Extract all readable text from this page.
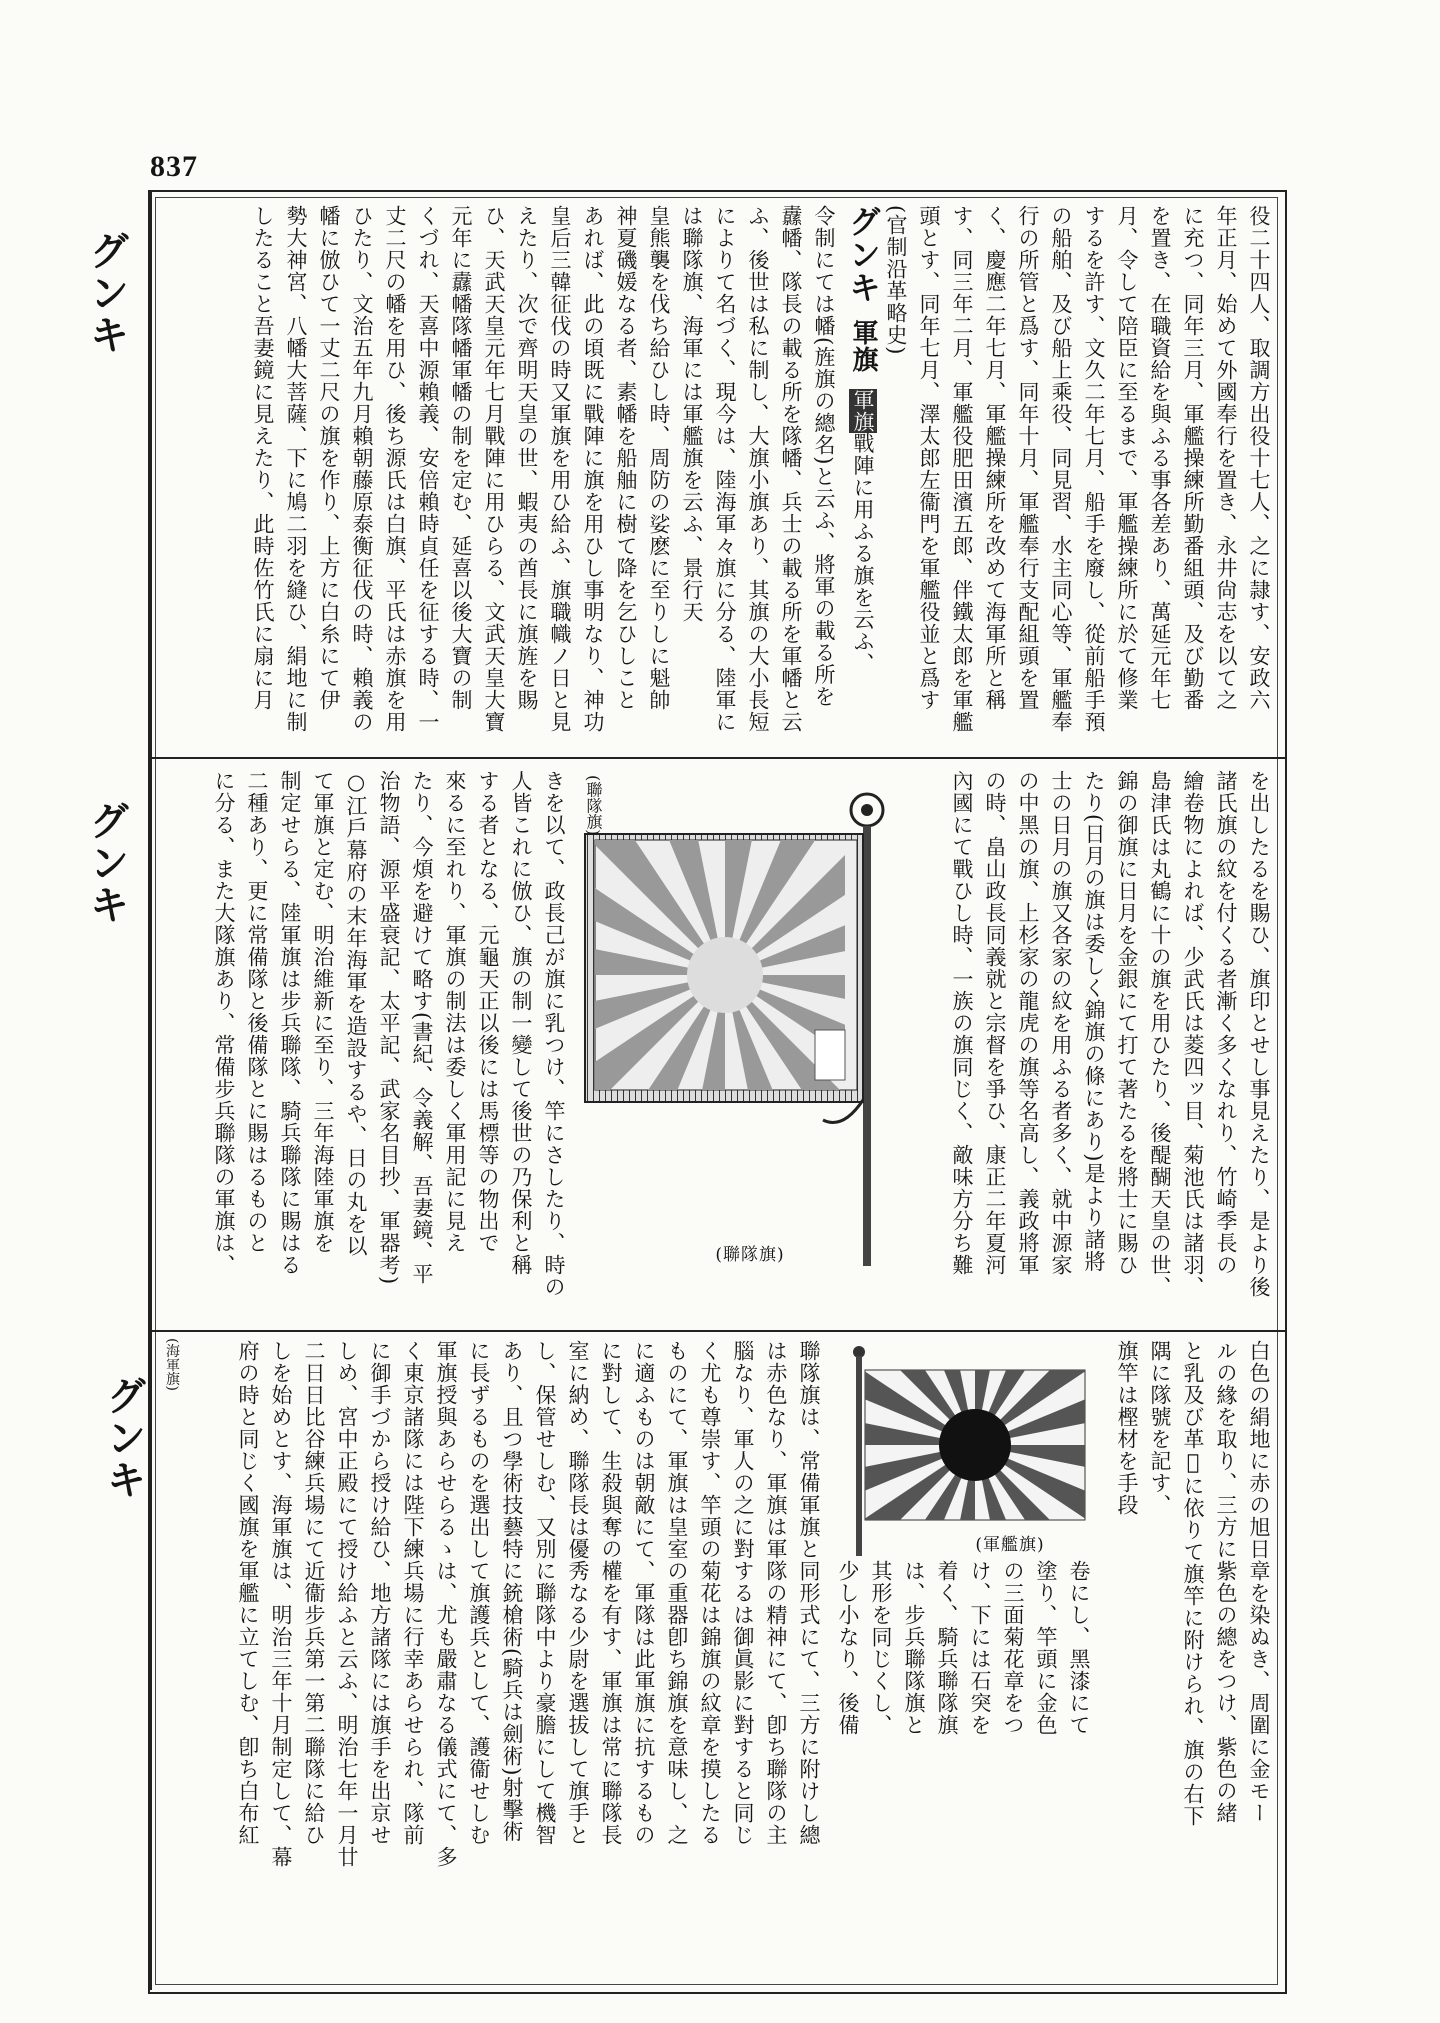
837
グンキ
グンキ
グンキ

役二十四人、取調方出役十七人、之に隷す、安政六

年正月、始めて外國奉行を置き、永井尙志を以て之

に充つ、同年三月、軍艦操練所勤番組頭、及び勤番

を置き、在職資給を與ふる事各差あり、萬延元年七

月、令して陪臣に至るまで、軍艦操練所に於て修業

するを許す、文久二年七月、船手を廢し、從前船手預

の船舶、及び船上乘役、同見習、水主同心等、軍艦奉

行の所管と爲す、同年十月、軍艦奉行支配組頭を置

く、慶應二年七月、軍艦操練所を改めて海軍所と稱

す、同三年二月、軍艦役肥田濱五郎、伴鐵太郎を軍艦

頭とす、同年七月、澤太郎左衞門を軍艦役並と爲す

(官制沿革略史)

グンキ  軍旗  軍旗戰陣に用ふる旗を云ふ、

令制にては幡(旌旗の總名)と云ふ、將軍の載る所を

纛幡、隊長の載る所を隊幡、兵士の載る所を軍幡と云

ふ、後世は私に制し、大旗小旗あり、其旗の大小長短

によりて名づく、現今は、陸海軍々旗に分る、陸軍に

は聯隊旗、海軍には軍艦旗を云ふ、景行天

皇熊襲を伐ち給ひし時、周防の娑麽に至りしに魁帥

神夏磯媛なる者、素幡を船舳に樹て降を乞ひしこと

あれば、此の頃既に戰陣に旗を用ひし事明なり、神功

皇后三韓征伐の時又軍旗を用ひ給ふ、旗職幟ノ日と見

えたり、次で齊明天皇の世、蝦夷の酋長に旗旌を賜

ひ、天武天皇元年七月戰陣に用ひらる、文武天皇大寶

元年に纛幡隊幡軍幡の制を定む、延喜以後大寶の制

くづれ、天喜中源賴義、安倍賴時貞任を征する時、一

丈二尺の幡を用ひ、後ち源氏は白旗、平氏は赤旗を用

ひたり、文治五年九月賴朝藤原泰衡征伐の時、賴義の

幡に倣ひて一丈二尺の旗を作り、上方に白糸にて伊

勢大神宮、八幡大菩薩、下に鳩二羽を縫ひ、絹地に制

したること吾妻鏡に見えたり、此時佐竹氏に扇に月

を出したるを賜ひ、旗印とせし事見えたり、是より後

諸氏旗の紋を付くる者漸く多くなれり、竹崎季長の

繪卷物によれば、少武氏は菱四ッ目、菊池氏は諸羽、

島津氏は丸鶴に十の旗を用ひたり、後醍醐天皇の世、

錦の御旗に日月を金銀にて打て著たるを將士に賜ひ

たり(日月の旗は委しく錦旗の條にあり)是より諸將

士の日月の旗又各家の紋を用ふる者多く、就中源家

の中黑の旗、上杉家の龍虎の旗等名高し、義政將軍

の時、畠山政長同義就と宗督を爭ひ、康正二年夏河

內國にて戰ひし時、一族の旗同じく、敵味方分ち難

(聯隊旗)
(聯隊旗)

きを以て、政長己が旗に乳つけ、竿にさしたり、時の

人皆これに倣ひ、旗の制一變して後世の乃保利と稱

する者となる、元龜天正以後には馬標等の物出で

來るに至れり、軍旗の制法は委しく軍用記に見え

たり、今煩を避けて略す(書紀、令義解、吾妻鏡、平

治物語、源平盛衰記、太平記、武家名目抄、軍器考)

○江戶幕府の末年海軍を造設するや、日の丸を以

て軍旗と定む、明治維新に至り、三年海陸軍旗を

制定せらる、陸軍旗は步兵聯隊、騎兵聯隊に賜はる

二種あり、更に常備隊と後備隊とに賜はるものと

に分る、また大隊旗あり、常備步兵聯隊の軍旗は、

白色の絹地に赤の旭日章を染ぬき、周圍に金モー

ルの緣を取り、三方に紫色の總をつけ、紫色の緒

と乳及び革𨱆に依りて旗竿に附けられ、旗の右下

隅に隊號を記す、

旗竿は樫材を手段

卷にし、黑漆にて

塗り、竿頭に金色

の三面菊花章をつ

け、下には石突を

着く、騎兵聯隊旗

は、步兵聯隊旗と

其形を同じくし、

少し小なり、後備

(軍艦旗)
(海軍旗)	聯隊旗は、常備軍旗と同形式にて、三方に附けし總

は赤色なり、軍旗は軍隊の精神にて、卽ち聯隊の主

腦なり、軍人の之に對するは御眞影に對すると同じ

く尤も尊崇す、竿頭の菊花は錦旗の紋章を摸したる

ものにて、軍旗は皇室の重器卽ち錦旗を意味し、之

に適ふものは朝敵にて、軍隊は此軍旗に抗するもの

に對して、生殺與奪の權を有す、軍旗は常に聯隊長

室に納め、聯隊長は優秀なる少尉を選拔して旗手と

し、保管せしむ、又別に聯隊中より豪膽にして機智

あり、且つ學術技藝特に銃槍術(騎兵は劍術)射擊術

に長ずるものを選出して旗護兵として、護衞せしむ

軍旗授與あらせらるゝは、尤も嚴肅なる儀式にて、多

く東京諸隊には陛下練兵場に行幸あらせられ、隊前

に御手づから授け給ひ、地方諸隊には旗手を出京せ

しめ、宮中正殿にて授け給ふと云ふ、明治七年一月廿

二日日比谷練兵場にて近衞步兵第一第二聯隊に給ひ

しを始めとす、海軍旗は、明治三年十月制定して、幕

府の時と同じく國旗を軍艦に立てしむ、卽ち白布紅
